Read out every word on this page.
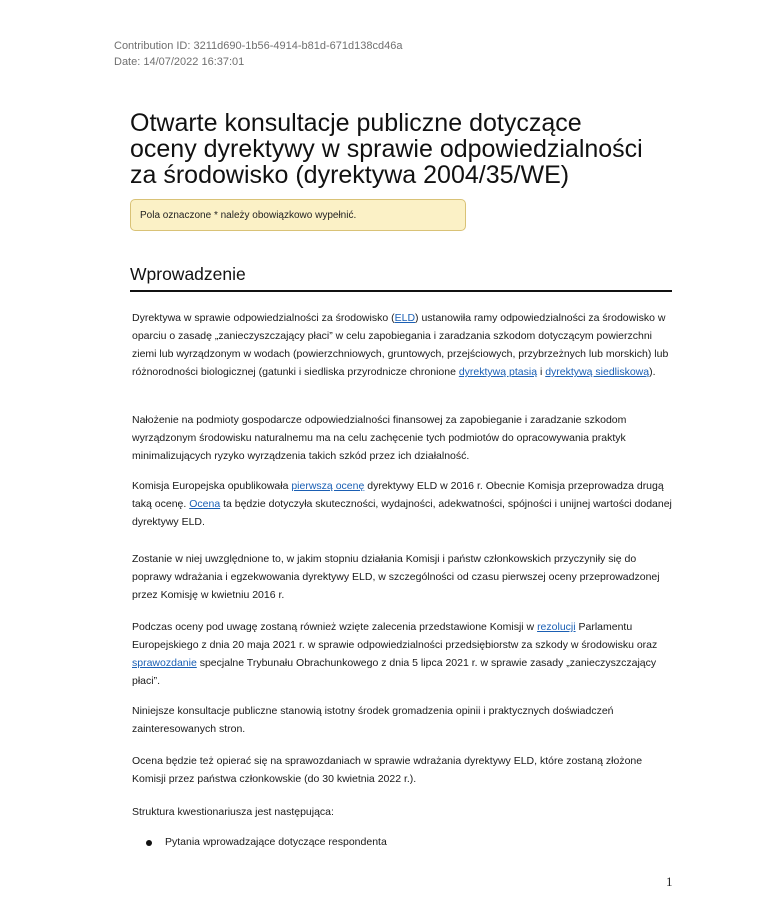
Contribution ID: 3211d690-1b56-4914-b81d-671d138cd46a
Date: 14/07/2022 16:37:01
Otwarte konsultacje publiczne dotyczące
oceny dyrektywy w sprawie odpowiedzialności
za środowisko (dyrektywa 2004/35/WE)
Pola oznaczone * należy obowiązkowo wypełnić.
Wprowadzenie

Dyrektywa w sprawie odpowiedzialności za środowisko (ELD) ustanowiła ramy odpowiedzialności za środowisko w oparciu o zasadę „zanieczyszczający płaci” w celu zapobiegania i zaradzania szkodom dotyczącym powierzchni ziemi lub wyrządzonym w wodach (powierzchniowych, gruntowych, przejściowych, przybrzeżnych lub morskich) lub różnorodności biologicznej (gatunki i siedliska przyrodnicze chronione dyrektywą ptasią i dyrektywą siedliskową).

Nałożenie na podmioty gospodarcze odpowiedzialności finansowej za zapobieganie i zaradzanie szkodom wyrządzonym środowisku naturalnemu ma na celu zachęcenie tych podmiotów do opracowywania praktyk minimalizujących ryzyko wyrządzenia takich szkód przez ich działalność.

Komisja Europejska opublikowała pierwszą ocenę dyrektywy ELD w 2016 r. Obecnie Komisja przeprowadza drugą taką ocenę. Ocena ta będzie dotyczyła skuteczności, wydajności, adekwatności, spójności i unijnej wartości dodanej dyrektywy ELD.

Zostanie w niej uwzględnione to, w jakim stopniu działania Komisji i państw członkowskich przyczyniły się do poprawy wdrażania i egzekwowania dyrektywy ELD, w szczególności od czasu pierwszej oceny przeprowadzonej przez Komisję w kwietniu 2016 r.

Podczas oceny pod uwagę zostaną również wzięte zalecenia przedstawione Komisji w rezolucji Parlamentu Europejskiego z dnia 20 maja 2021 r. w sprawie odpowiedzialności przedsiębiorstw za szkody w środowisku oraz sprawozdanie specjalne Trybunału Obrachunkowego z dnia 5 lipca 2021 r. w sprawie zasady „zanieczyszczający płaci”.

Niniejsze konsultacje publiczne stanowią istotny środek gromadzenia opinii i praktycznych doświadczeń zainteresowanych stron.

Ocena będzie też opierać się na sprawozdaniach w sprawie wdrażania dyrektywy ELD, które zostaną złożone Komisji przez państwa członkowskie (do 30 kwietnia 2022 r.).

Struktura kwestionariusza jest następująca:

Pytania wprowadzające dotyczące respondenta
1
